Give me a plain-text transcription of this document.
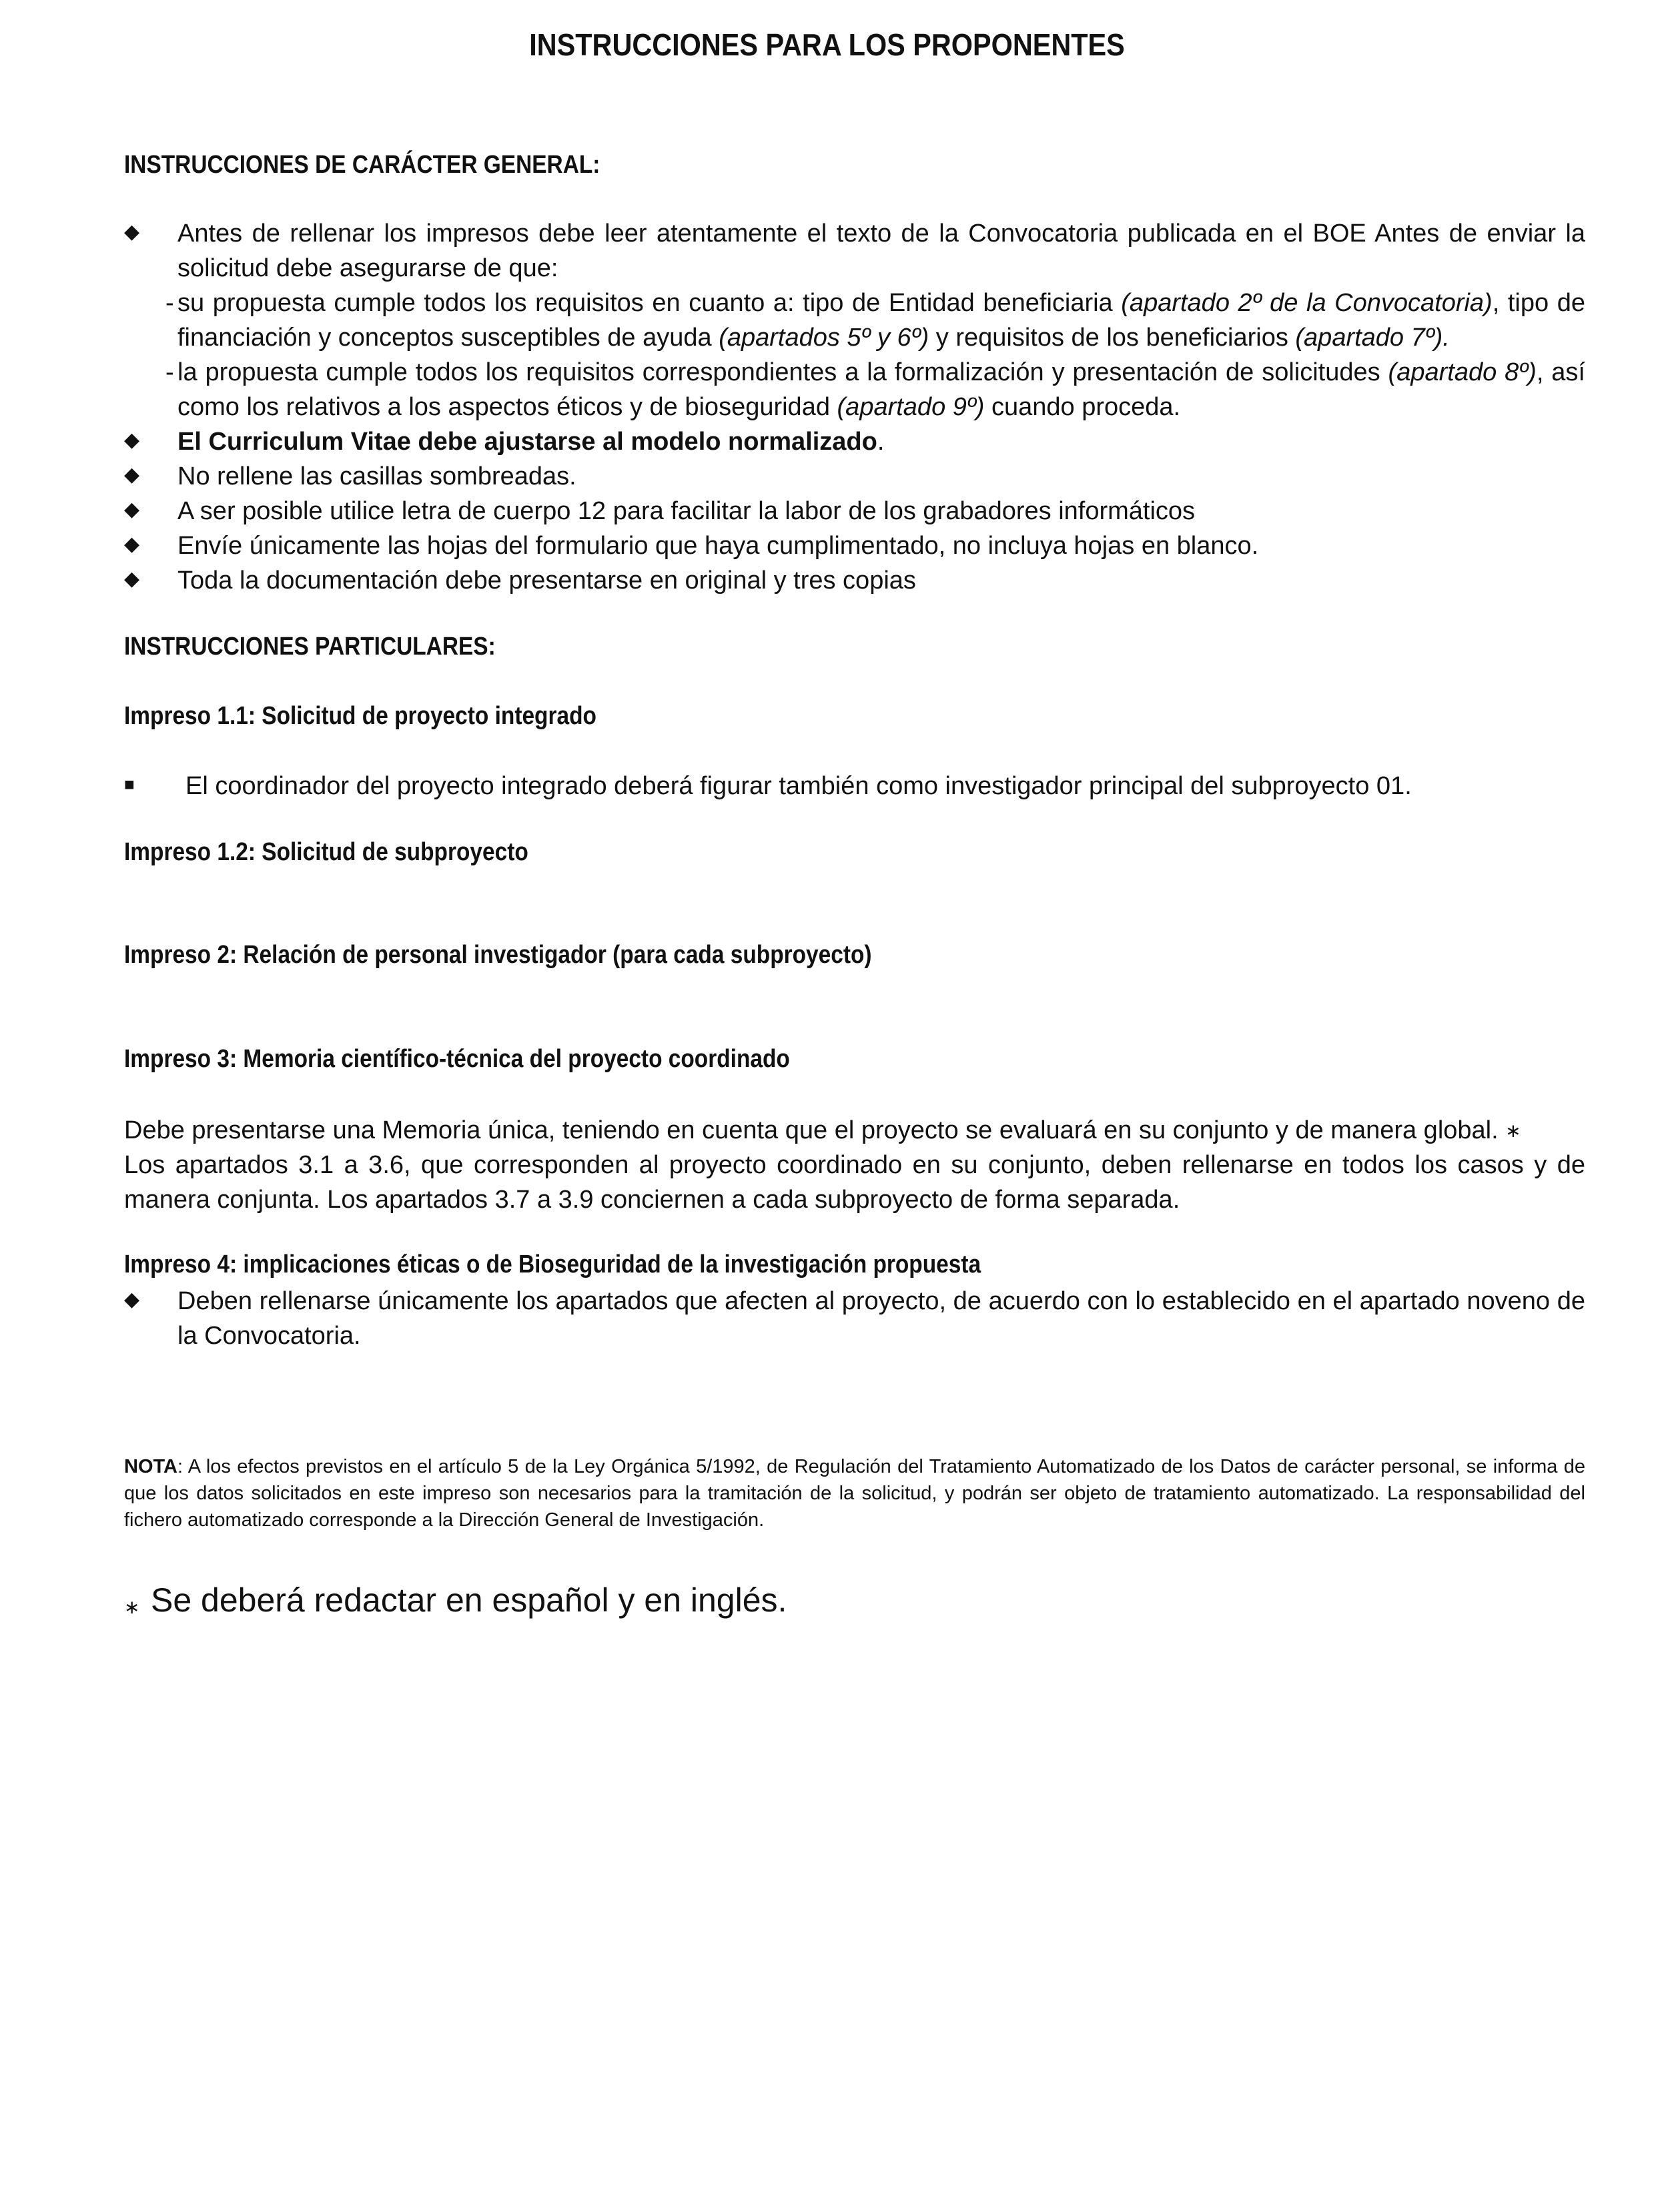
INSTRUCCIONES PARA LOS PROPONENTES
INSTRUCCIONES DE CARÁCTER GENERAL:
◆ Antes de rellenar los impresos debe leer atentamente el texto de la Convocatoria publicada en el BOE Antes de enviar la solicitud debe asegurarse de que:
- su propuesta cumple todos los requisitos en cuanto a: tipo de Entidad beneficiaria (apartado 2º de la Convocatoria), tipo de financiación y conceptos susceptibles de ayuda (apartados 5º y 6º) y requisitos de los beneficiarios (apartado 7º).
- la propuesta cumple todos los requisitos correspondientes a la formalización y presentación de solicitudes (apartado 8º), así como los relativos a los aspectos éticos y de bioseguridad (apartado 9º) cuando proceda.
◆ El Curriculum Vitae debe ajustarse al modelo normalizado.
◆ No rellene las casillas sombreadas.
◆ A ser posible utilice letra de cuerpo 12 para facilitar la labor de los grabadores informáticos
◆ Envíe únicamente las hojas del formulario que haya cumplimentado, no incluya hojas en blanco.
◆ Toda la documentación debe presentarse en original y tres copias
INSTRUCCIONES PARTICULARES:
Impreso 1.1: Solicitud de proyecto integrado
■ El coordinador del proyecto integrado deberá figurar también como investigador principal del subproyecto 01.
Impreso 1.2: Solicitud de subproyecto
Impreso 2: Relación de personal investigador (para cada subproyecto)
Impreso 3: Memoria científico-técnica del proyecto coordinado
Debe presentarse una Memoria única, teniendo en cuenta que el proyecto se evaluará en su conjunto y de manera global. ∗
Los apartados 3.1 a 3.6, que corresponden al proyecto coordinado en su conjunto, deben rellenarse en todos los casos y de manera conjunta. Los apartados 3.7 a 3.9 conciernen a cada subproyecto de forma separada.
Impreso 4: implicaciones éticas o de Bioseguridad de la investigación propuesta
◆ Deben rellenarse únicamente los apartados que afecten al proyecto, de acuerdo con lo establecido en el apartado noveno de la Convocatoria.
NOTA: A los efectos previstos en el artículo 5 de la Ley Orgánica 5/1992, de Regulación del Tratamiento Automatizado de los Datos de carácter personal, se informa de que los datos solicitados en este impreso son necesarios para la tramitación de la solicitud, y podrán ser objeto de tratamiento automatizado. La responsabilidad del fichero automatizado corresponde a la Dirección General de Investigación.
∗ Se deberá redactar en español y en inglés.
